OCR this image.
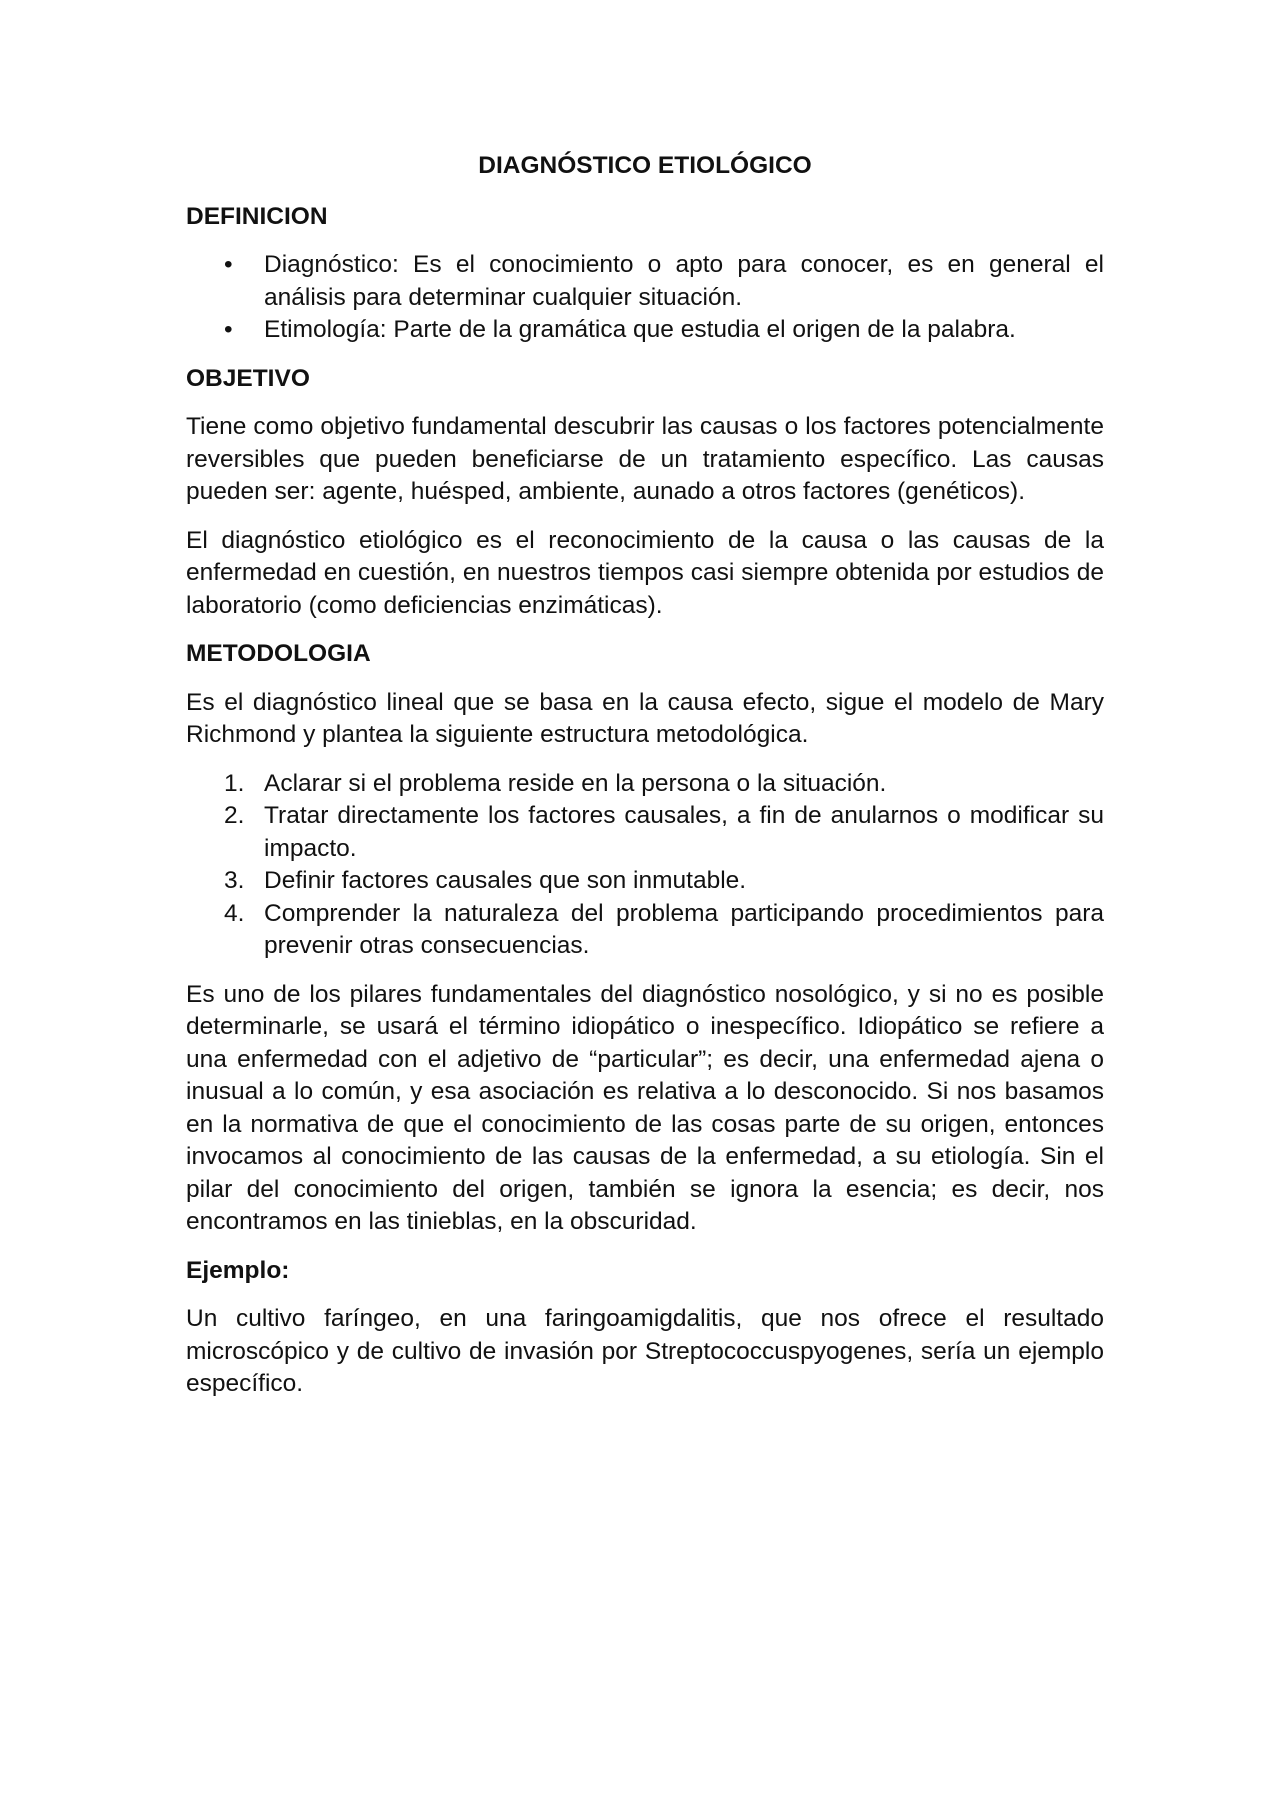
DIAGNÓSTICO ETIOLÓGICO
DEFINICION
• Diagnóstico: Es el conocimiento o apto para conocer, es en general el análisis para determinar cualquier situación.
• Etimología: Parte de la gramática que estudia el origen de la palabra.
OBJETIVO

Tiene como objetivo fundamental descubrir las causas o los factores potencialmente reversibles que pueden beneficiarse de un tratamiento específico. Las causas pueden ser: agente, huésped, ambiente, aunado a otros factores (genéticos).

El diagnóstico etiológico es el reconocimiento de la causa o las causas de la enfermedad en cuestión, en nuestros tiempos casi siempre obtenida por estudios de laboratorio (como deficiencias enzimáticas).

METODOLOGIA

Es el diagnóstico lineal que se basa en la causa efecto, sigue el modelo de Mary Richmond y plantea la siguiente estructura metodológica.

1. Aclarar si el problema reside en la persona o la situación.
2. Tratar directamente los factores causales, a fin de anularnos o modificar su impacto.
3. Definir factores causales que son inmutable.
4. Comprender la naturaleza del problema participando procedimientos para prevenir otras consecuencias.

Es uno de los pilares fundamentales del diagnóstico nosológico, y si no es posible determinarle, se usará el término idiopático o inespecífico. Idiopático se refiere a una enfermedad con el adjetivo de “particular”; es decir, una enfermedad ajena o inusual a lo común, y esa asociación es relativa a lo desconocido. Si nos basamos en la normativa de que el conocimiento de las cosas parte de su origen, entonces invocamos al conocimiento de las causas de la enfermedad, a su etiología. Sin el pilar del conocimiento del origen, también se ignora la esencia; es decir, nos encontramos en las tinieblas, en la obscuridad.

Ejemplo:

Un cultivo faríngeo, en una faringoamigdalitis, que nos ofrece el resultado microscópico y de cultivo de invasión por Streptococcuspyogenes, sería un ejemplo específico.
